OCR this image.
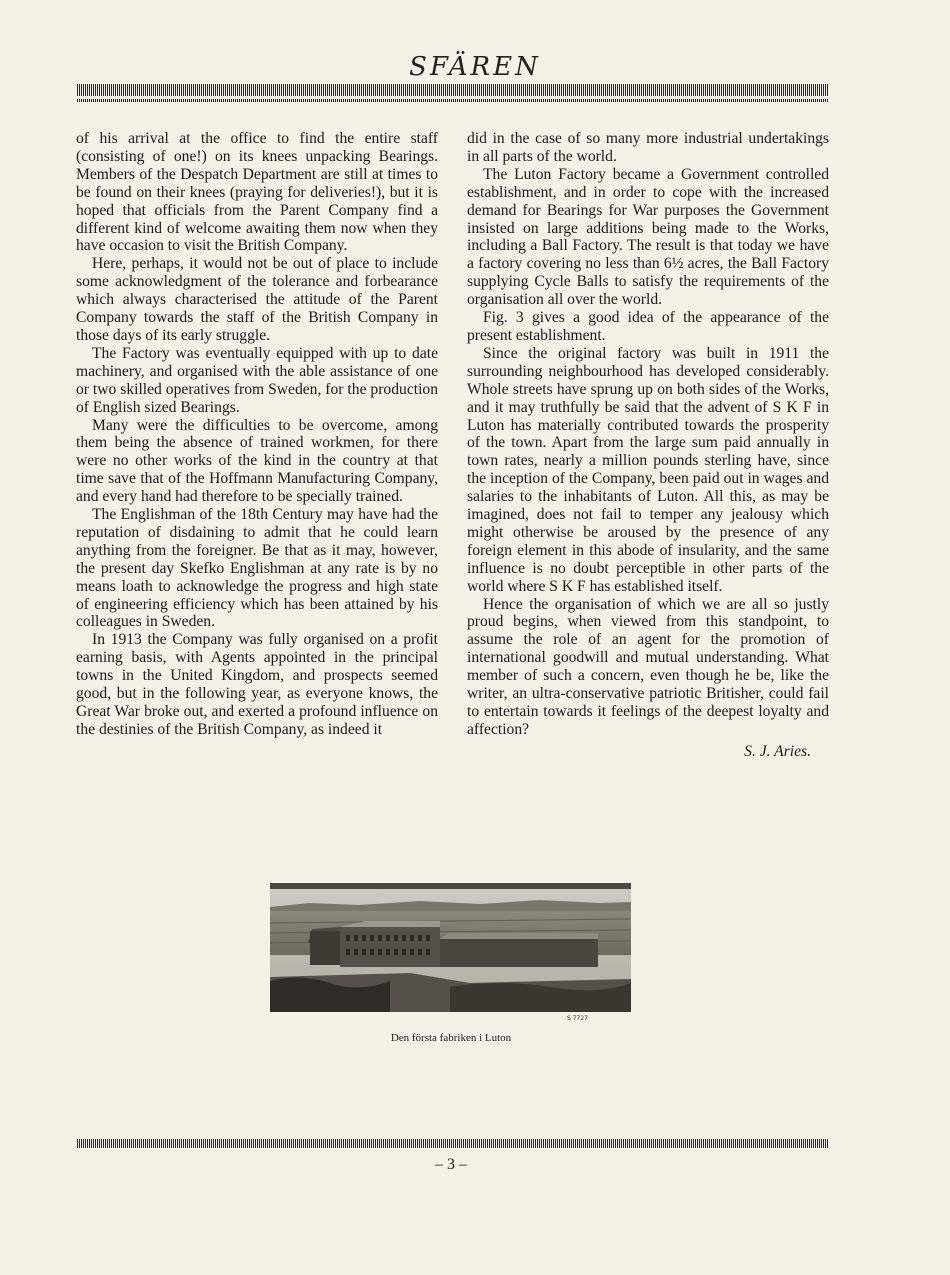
SFÄREN

of his arrival at the office to find the entire staff (consisting of one!) on its knees unpacking Bearings. Members of the Despatch Department are still at times to be found on their knees (praying for deliveries!), but it is hoped that officials from the Parent Company find a different kind of welcome awaiting them now when they have occasion to visit the British Company.

Here, perhaps, it would not be out of place to include some acknowledgment of the tolerance and forbearance which always characterised the attitude of the Parent Company towards the staff of the British Company in those days of its early struggle.

The Factory was eventually equipped with up to date machinery, and organised with the able assistance of one or two skilled operatives from Sweden, for the production of English sized Bearings.

Many were the difficulties to be overcome, among them being the absence of trained workmen, for there were no other works of the kind in the country at that time save that of the Hoffmann Manufacturing Company, and every hand had therefore to be specially trained.

The Englishman of the 18th Century may have had the reputation of disdaining to admit that he could learn anything from the foreigner. Be that as it may, however, the present day Skefko Englishman at any rate is by no means loath to acknowledge the progress and high state of engineering efficiency which has been attained by his colleagues in Sweden.

In 1913 the Company was fully organised on a profit earning basis, with Agents appointed in the principal towns in the United Kingdom, and prospects seemed good, but in the following year, as everyone knows, the Great War broke out, and exerted a profound influence on the destinies of the British Company, as indeed it

did in the case of so many more industrial undertakings in all parts of the world.

The Luton Factory became a Government controlled establishment, and in order to cope with the increased demand for Bearings for War purposes the Government insisted on large additions being made to the Works, including a Ball Factory. The result is that today we have a factory covering no less than 6½ acres, the Ball Factory supplying Cycle Balls to satisfy the requirements of the organisation all over the world.

Fig. 3 gives a good idea of the appearance of the present establishment.

Since the original factory was built in 1911 the surrounding neighbourhood has developed considerably. Whole streets have sprung up on both sides of the Works, and it may truthfully be said that the advent of S K F in Luton has materially contributed towards the prosperity of the town. Apart from the large sum paid annually in town rates, nearly a million pounds sterling have, since the inception of the Company, been paid out in wages and salaries to the inhabitants of Luton. All this, as may be imagined, does not fail to temper any jealousy which might otherwise be aroused by the presence of any foreign element in this abode of insularity, and the same influence is no doubt perceptible in other parts of the world where S K F has established itself.

Hence the organisation of which we are all so justly proud begins, when viewed from this standpoint, to assume the role of an agent for the promotion of international goodwill and mutual understanding. What member of such a concern, even though he be, like the writer, an ultra-conservative patriotic Britisher, could fail to entertain towards it feelings of the deepest loyalty and affection?

S. J. Aries.
S 7727
Den första fabriken i Luton
– 3 –
